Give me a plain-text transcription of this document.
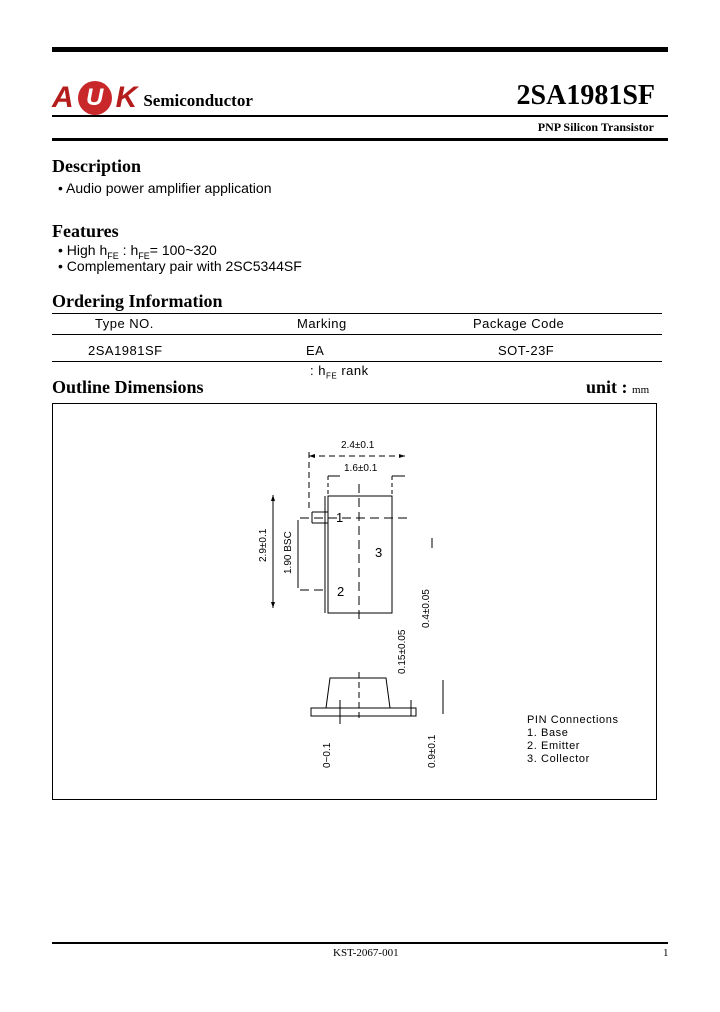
A U K Semiconductor	2SA1981SF
PNP Silicon Transistor
Description
• Audio power amplifier application
Features
• High $h_{FE}$ : $h_{FE}=$ 100~320
• Complementary pair with 2SC5344SF
Ordering Information
Type NO.	Marking	Package Code
2SA1981SF	EA	SOT-23F
: $h_{FE}$ rank
Outline Dimensions	unit : mm
1
3
2
2.4±0.1
1.6±0.1
2.9±0.1 1.90 BSC
0.4±0.05
0.15±0.05
0~0.1	0.9±0.1
PIN Connections
1. Base
2. Emitter
3. Collector
KST-2067-001	1
